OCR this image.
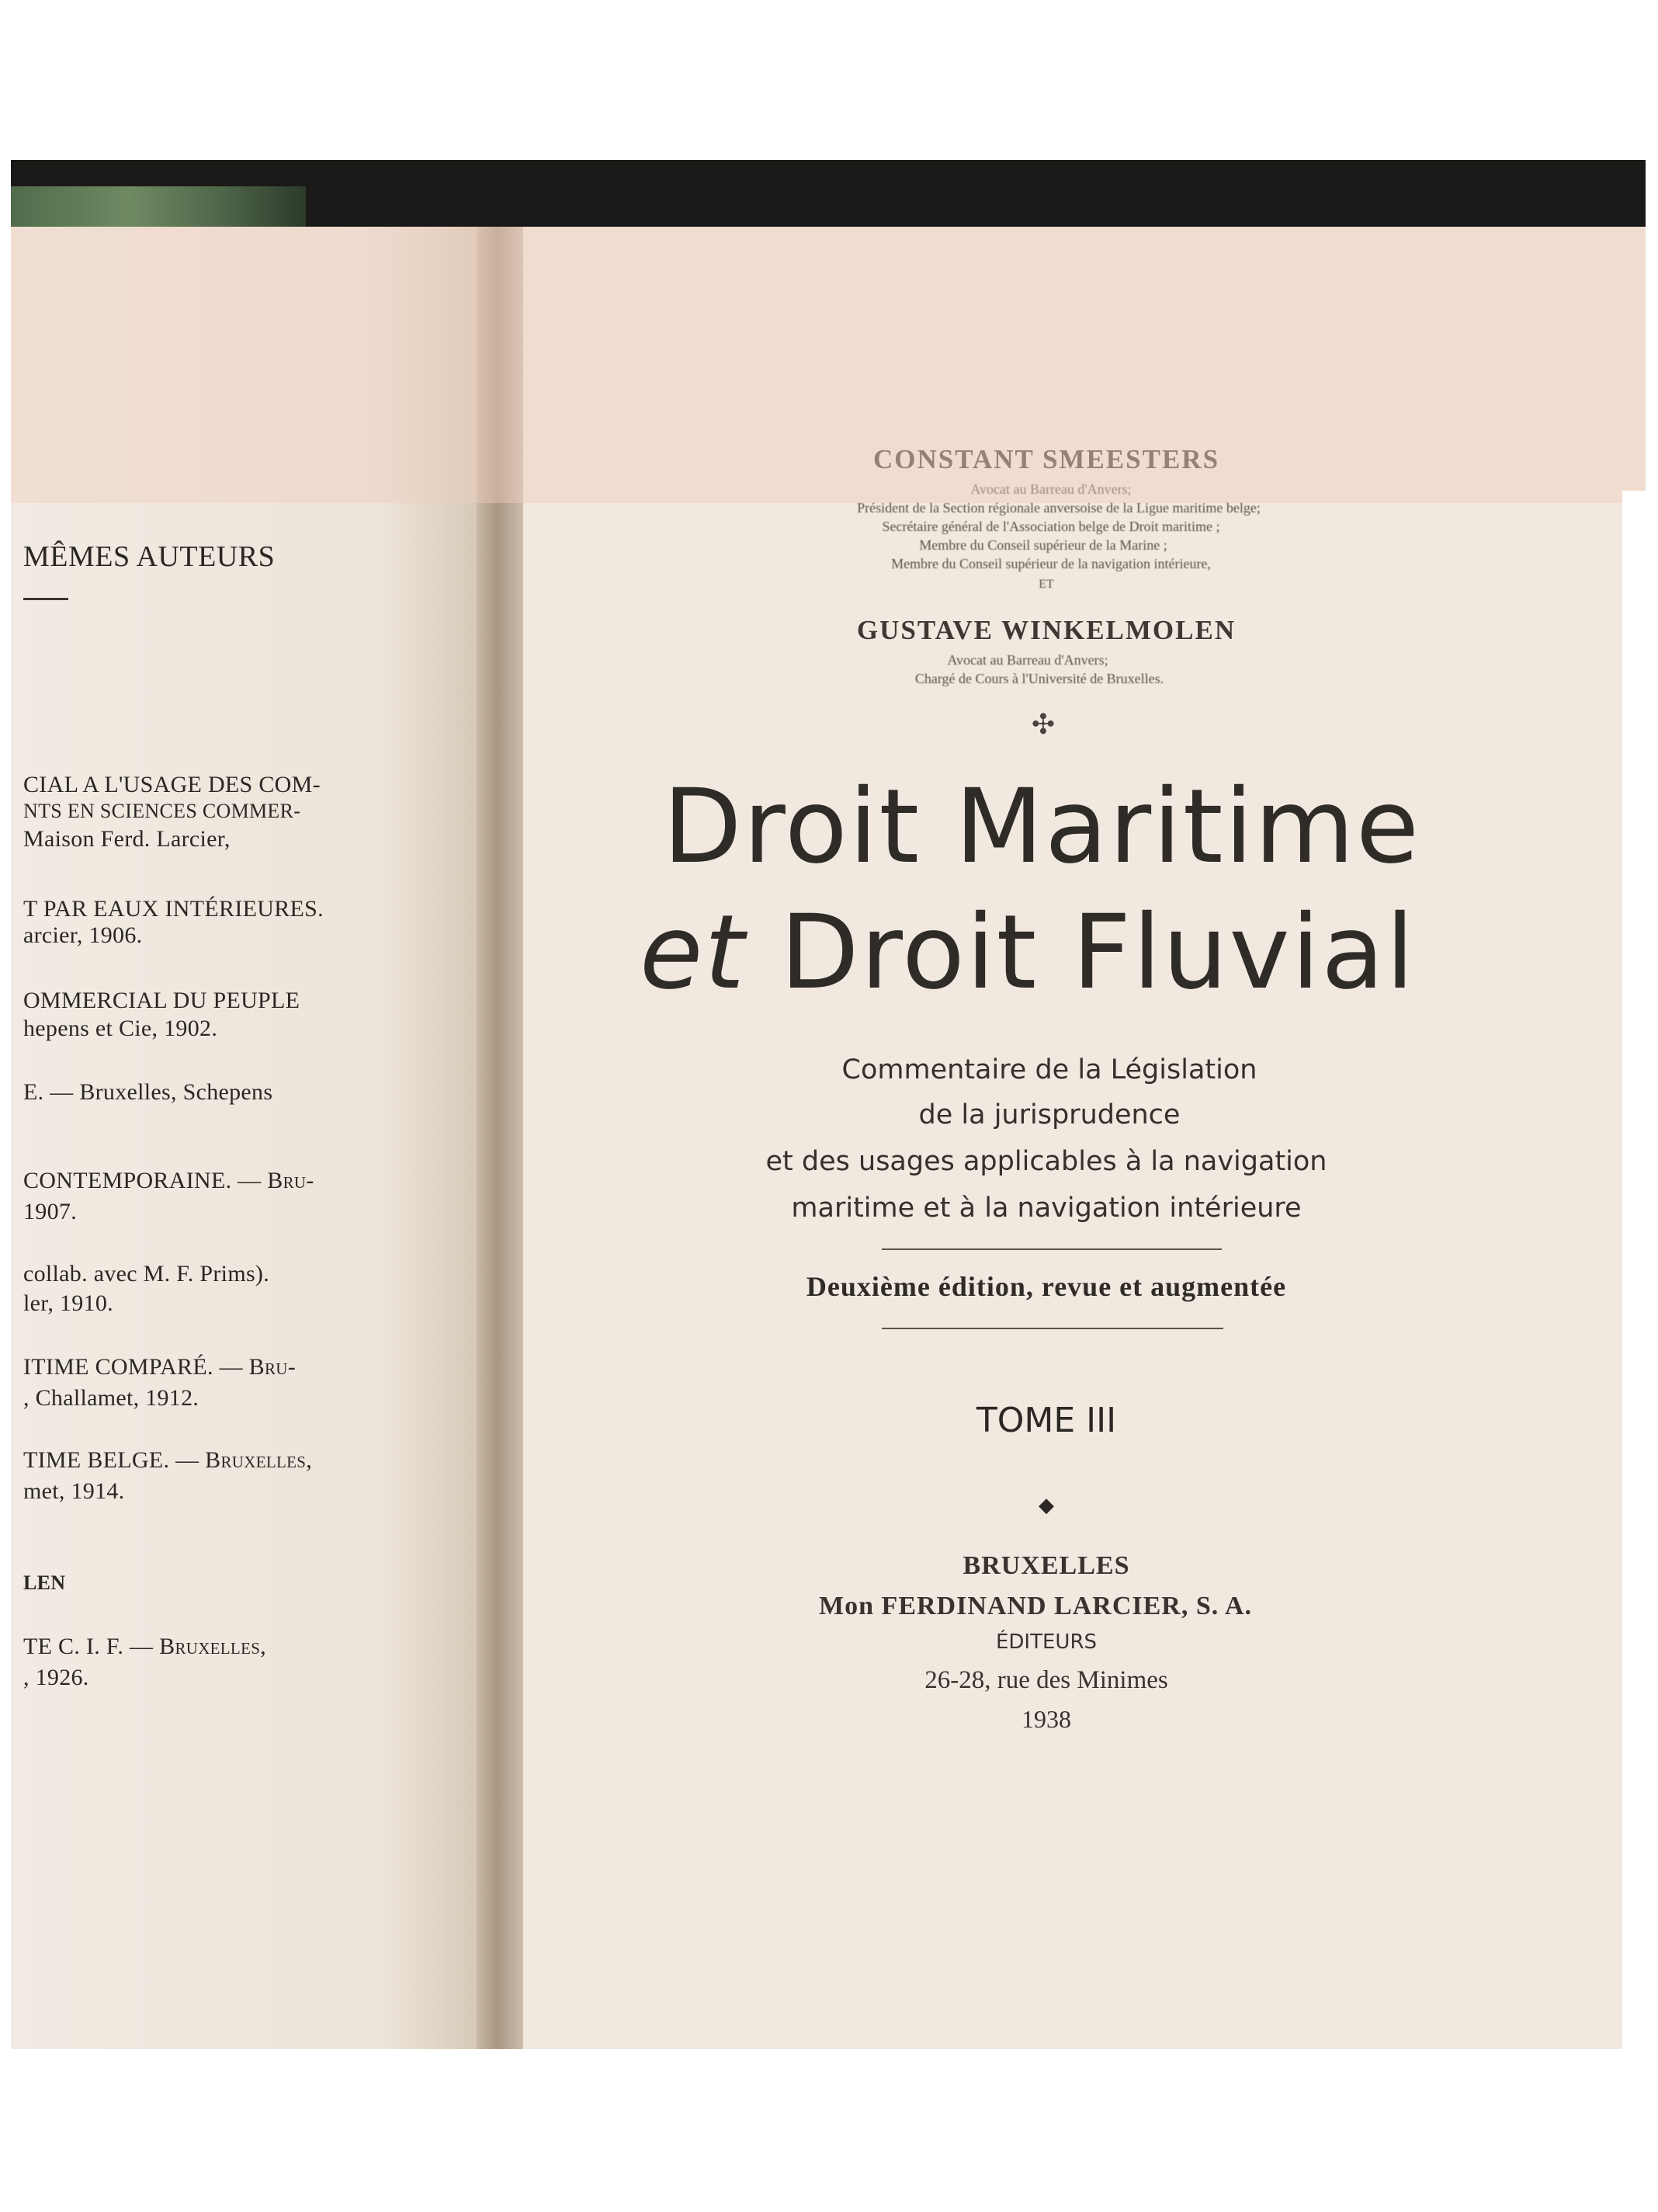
MÊMES AUTEURS
CIAL A L'USAGE DES COM-
NTS EN SCIENCES COMMER-
Maison Ferd. Larcier,
T PAR EAUX INTÉRIEURES.
arcier, 1906.
OMMERCIAL DU PEUPLE
hepens et Cie, 1902.
E. — Bruxelles, Schepens
CONTEMPORAINE. — Bru-
1907.
collab. avec M. F. Prims).
ler, 1910.
ITIME COMPARÉ. — Bru-
, Challamet, 1912.
TIME BELGE. — Bruxelles,
met, 1914.
LEN
TE C. I. F. — Bruxelles,
, 1926.
CONSTANT SMEESTERS
Avocat au Barreau d'Anvers;
Président de la Section régionale anversoise de la Ligue maritime belge;
Secrétaire général de l'Association belge de Droit maritime ;
Membre du Conseil supérieur de la Marine ;
Membre du Conseil supérieur de la navigation intérieure,
ET
GUSTAVE WINKELMOLEN
Avocat au Barreau d'Anvers;
Chargé de Cours à l'Université de Bruxelles.
✣
Droit Maritime
et Droit Fluvial
Commentaire de la Législation
de la jurisprudence
et des usages applicables à la navigation
maritime et à la navigation intérieure
Deuxième édition, revue et augmentée
TOME III
◆
BRUXELLES
Mon FERDINAND LARCIER, S. A.
ÉDITEURS
26-28, rue des Minimes
1938
